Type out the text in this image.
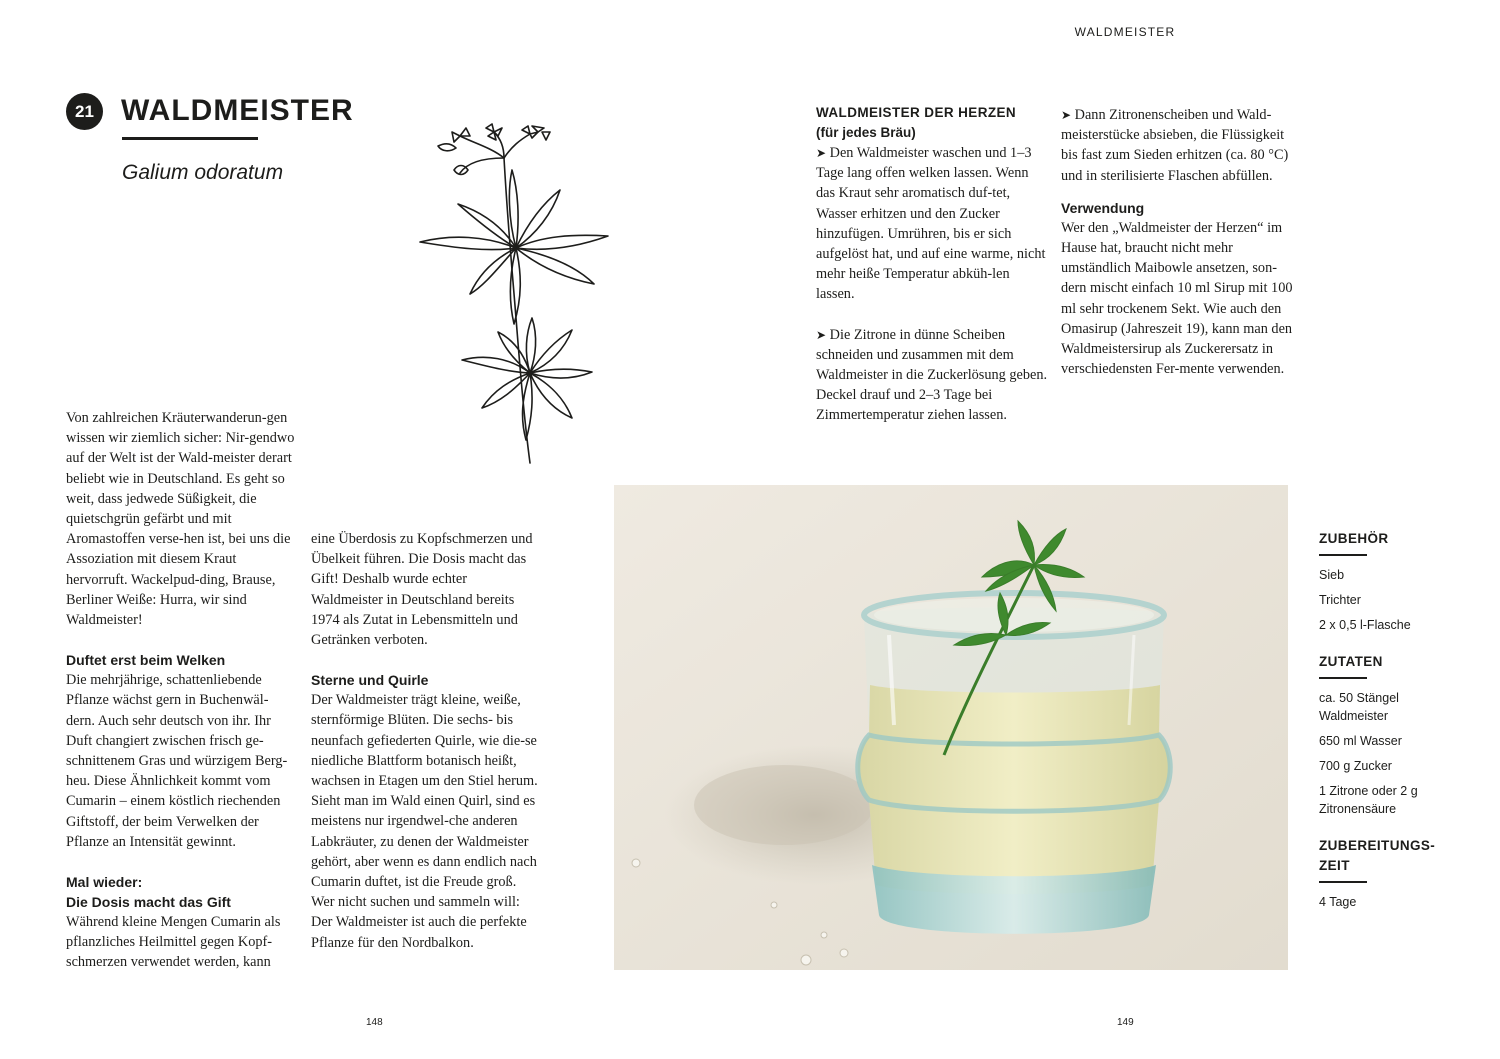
WALDMEISTER
21 WALDMEISTER
Galium odoratum

Von zahlreichen Kräuterwanderun-gen wissen wir ziemlich sicher: Nir-gendwo auf der Welt ist der Wald-meister derart beliebt wie in Deutschland. Es geht so weit, dass jedwede Süßigkeit, die quietschgrün gefärbt und mit Aromastoffen verse-hen ist, bei uns die Assoziation mit diesem Kraut hervorruft. Wackelpud-ding, Brause, Berliner Weiße: Hurra, wir sind Waldmeister!

Duftet erst beim Welken

Die mehrjährige, schattenliebende Pflanze wächst gern in Buchenwäl-dern. Auch sehr deutsch von ihr. Ihr Duft changiert zwischen frisch ge-schnittenem Gras und würzigem Berg-heu. Diese Ähnlichkeit kommt vom Cumarin – einem köstlich riechenden Giftstoff, der beim Verwelken der Pflanze an Intensität gewinnt.

Mal wieder:
Die Dosis macht das Gift

Während kleine Mengen Cumarin als pflanzliches Heilmittel gegen Kopf-schmerzen verwendet werden, kann

eine Überdosis zu Kopfschmerzen und Übelkeit führen. Die Dosis macht das Gift! Deshalb wurde echter Waldmeister in Deutschland bereits 1974 als Zutat in Lebensmitteln und Getränken verboten.

Sterne und Quirle

Der Waldmeister trägt kleine, weiße, sternförmige Blüten. Die sechs- bis neunfach gefiederten Quirle, wie die-se niedliche Blattform botanisch heißt, wachsen in Etagen um den Stiel herum. Sieht man im Wald einen Quirl, sind es meistens nur irgendwel-che anderen Labkräuter, zu denen der Waldmeister gehört, aber wenn es dann endlich nach Cumarin duftet, ist die Freude groß. Wer nicht suchen und sammeln will: Der Waldmeister ist auch die perfekte Pflanze für den Nordbalkon.

WALDMEISTER DER HERZEN

(für jedes Bräu)

➤ Den Waldmeister waschen und 1–3 Tage lang offen welken lassen. Wenn das Kraut sehr aromatisch duf-tet, Wasser erhitzen und den Zucker hinzufügen. Umrühren, bis er sich aufgelöst hat, und auf eine warme, nicht mehr heiße Temperatur abküh-len lassen.

➤ Die Zitrone in dünne Scheiben schneiden und zusammen mit dem Waldmeister in die Zuckerlösung geben. Deckel drauf und 2–3 Tage bei Zimmertemperatur ziehen lassen.

➤ Dann Zitronenscheiben und Wald-meisterstücke absieben, die Flüssigkeit bis fast zum Sieden erhitzen (ca. 80 °C) und in sterilisierte Flaschen abfüllen.

Verwendung

Wer den „Waldmeister der Herzen“ im Hause hat, braucht nicht mehr umständlich Maibowle ansetzen, son-dern mischt einfach 10 ml Sirup mit 100 ml sehr trockenem Sekt. Wie auch den Omasirup (Jahreszeit 19), kann man den Waldmeistersirup als Zuckerersatz in verschiedensten Fer-mente verwenden.

ZUBEHÖR
Sieb
Trichter
2 x 0,5 l-Flasche
ZUTATEN
ca. 50 Stängel Waldmeister
650 ml Wasser
700 g Zucker
1 Zitrone oder 2 g Zitronensäure
ZUBEREITUNGS-
ZEIT
4 Tage
148	149
